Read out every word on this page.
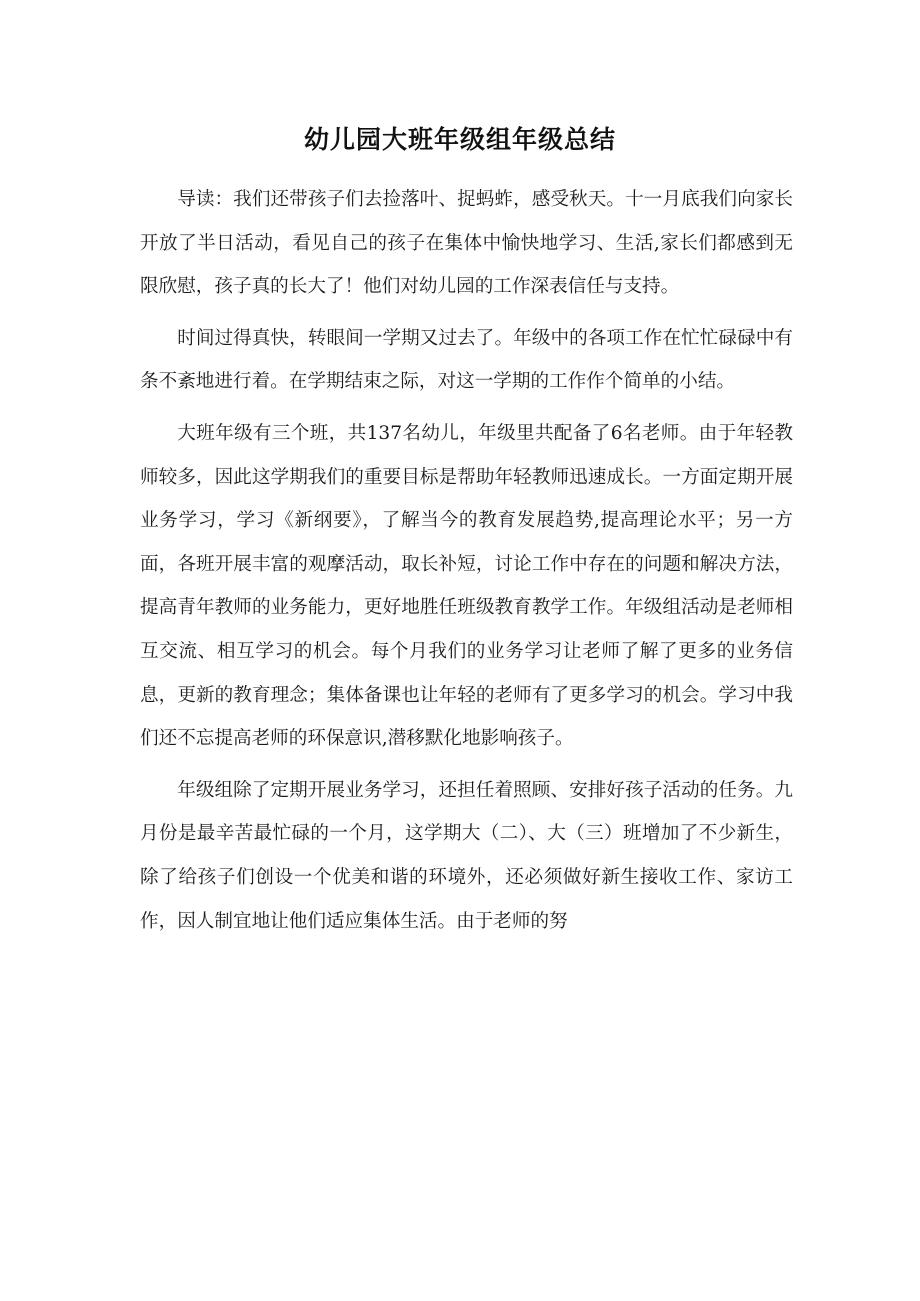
幼儿园大班年级组年级总结

导读：我们还带孩子们去捡落叶、捉蚂蚱，感受秋天。十一月底我们向家长开放了半日活动，看见自己的孩子在集体中愉快地学习、生活,家长们都感到无限欣慰，孩子真的长大了！他们对幼儿园的工作深表信任与支持。

时间过得真快，转眼间一学期又过去了。年级中的各项工作在忙忙碌碌中有条不紊地进行着。在学期结束之际，对这一学期的工作作个简单的小结。

大班年级有三个班，共137名幼儿，年级里共配备了6名老师。由于年轻教师较多，因此这学期我们的重要目标是帮助年轻教师迅速成长。一方面定期开展业务学习，学习《新纲要》，了解当今的教育发展趋势,提高理论水平；另一方面，各班开展丰富的观摩活动，取长补短，讨论工作中存在的问题和解决方法，提高青年教师的业务能力，更好地胜任班级教育教学工作。年级组活动是老师相互交流、相互学习的机会。每个月我们的业务学习让老师了解了更多的业务信息，更新的教育理念；集体备课也让年轻的老师有了更多学习的机会。学习中我们还不忘提高老师的环保意识,潜移默化地影响孩子。

年级组除了定期开展业务学习，还担任着照顾、安排好孩子活动的任务。九月份是最辛苦最忙碌的一个月，这学期大（二）、大（三）班增加了不少新生，除了给孩子们创设一个优美和谐的环境外，还必须做好新生接收工作、家访工作，因人制宜地让他们适应集体生活。由于老师的努
